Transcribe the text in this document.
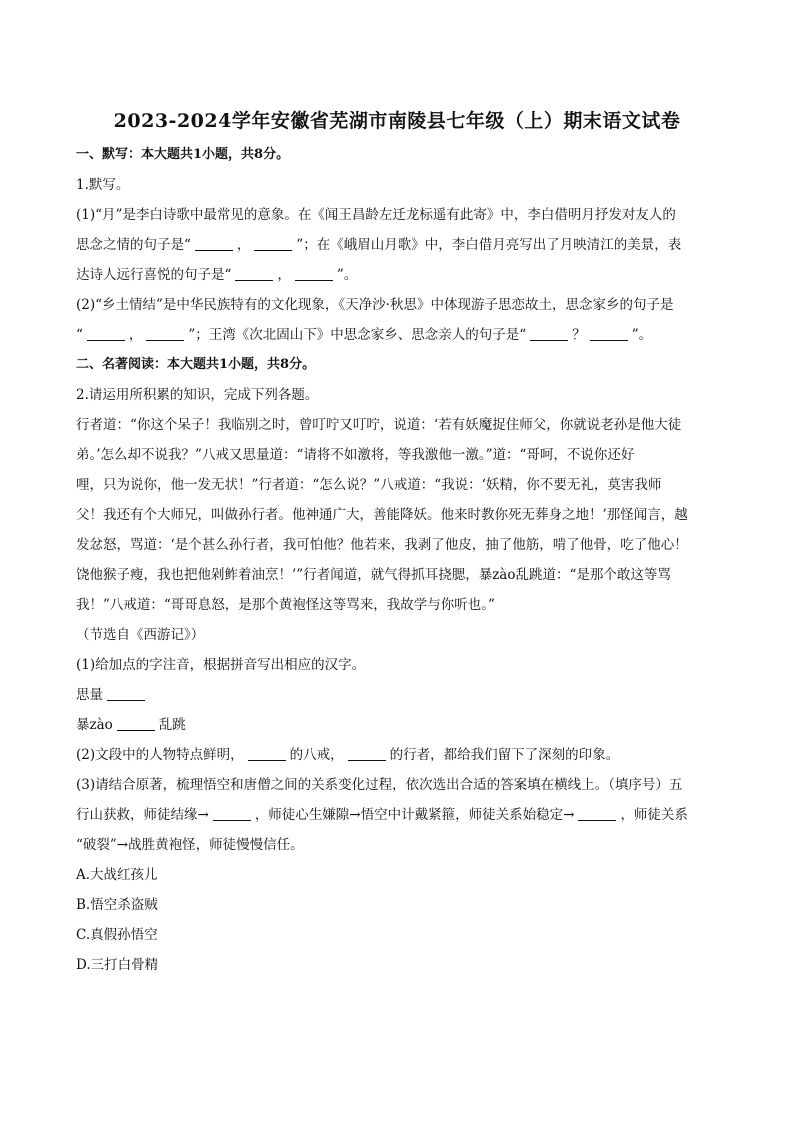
2023-2024学年安徽省芜湖市南陵县七年级（上）期末语文试卷
一、默写：本大题共1小题，共8分。
1.默写。
(1)“月”是李白诗歌中最常见的意象。在《闻王昌龄左迁龙标遥有此寄》中，李白借明月抒发对友人的
思念之情的句子是“	，	”；在《峨眉山月歌》中，李白借月亮写出了月映清江的美景，表
达诗人远行喜悦的句子是“	，	”。
(2)“乡土情结”是中华民族特有的文化现象，《天净沙·秋思》中体现游子思恋故土，思念家乡的句子是
“	，	”；王湾《次北固山下》中思念家乡、思念亲人的句子是“	？	”。
二、名著阅读：本大题共1小题，共8分。
2.请运用所积累的知识，完成下列各题。
行者道：“你这个呆子！我临别之时，曾叮咛又叮咛，说道：‘若有妖魔捉住师父，你就说老孙是他大徒
弟。’怎么却不说我？”八戒又思量道：“请将不如激将，等我激他一激。”道：“哥呵，不说你还好
哩，只为说你，他一发无状！”行者道：“怎么说？”八戒道：“我说：‘妖精，你不要无礼，莫害我师
父！我还有个大师兄，叫做孙行者。他神通广大，善能降妖。他来时教你死无葬身之地！’那怪闻言，越
发忿怒，骂道：‘是个甚么孙行者，我可怕他？他若来，我剥了他皮，抽了他筋，啃了他骨，吃了他心！
饶他猴子瘦，我也把他剁鲊着油烹！’”行者闻道，就气得抓耳挠腮，暴zào乱跳道：“是那个敢这等骂
我！”八戒道：“哥哥息怒，是那个黄袍怪这等骂来，我故学与你听也。”
（节选自《西游记》）
(1)给加点的字注音，根据拼音写出相应的汉字。
思量
暴zào	乱跳
(2)文段中的人物特点鲜明，	的八戒，	的行者，都给我们留下了深刻的印象。
(3)请结合原著，梳理悟空和唐僧之间的关系变化过程，依次选出合适的答案填在横线上。（填序号）五
行山获救，师徒结缘→	，师徒心生嫌隙→悟空中计戴紧箍，师徒关系始稳定→	，师徒关系
“破裂”→战胜黄袍怪，师徒慢慢信任。
A.大战红孩儿
B.悟空杀盗贼
C.真假孙悟空
D.三打白骨精
